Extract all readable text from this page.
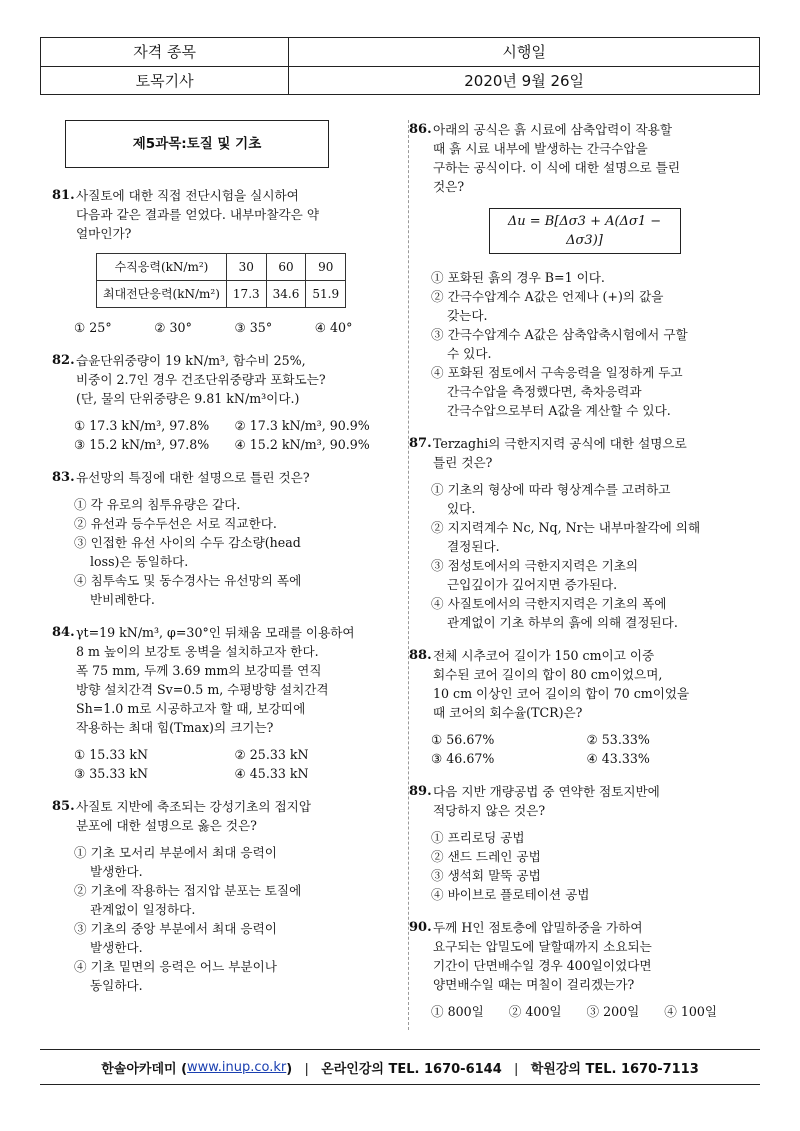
자격 종목	시행일
토목기사	2020년 9월 26일
제5과목:토질 및 기초
81. 사질토에 대한 직접 전단시험을 실시하여
다음과 같은 결과를 얻었다. 내부마찰각은 약
얼마인가?
수직응력(kN/m²)	30	60	90
최대전단응력(kN/m²)	17.3	34.6	51.9
① 25°	② 30°	③ 35°	④ 40°
82. 습윤단위중량이 19 kN/m³, 함수비 25%,
비중이 2.7인 경우 건조단위중량과 포화도는?
(단, 물의 단위중량은 9.81 kN/m³이다.)
① 17.3 kN/m³, 97.8%	② 17.3 kN/m³, 90.9%
③ 15.2 kN/m³, 97.8%	④ 15.2 kN/m³, 90.9%
83. 유선망의 특징에 대한 설명으로 틀린 것은?
① 각 유로의 침투유량은 같다.
② 유선과 등수두선은 서로 직교한다.
③ 인접한 유선 사이의 수두 감소량(head
loss)은 동일하다.
④ 침투속도 및 동수경사는 유선망의 폭에
반비례한다.
84. γt=19 kN/m³, φ=30°인 뒤채움 모래를 이용하여
8 m 높이의 보강토 옹벽을 설치하고자 한다.
폭 75 mm, 두께 3.69 mm의 보강띠를 연직
방향 설치간격 Sv=0.5 m, 수평방향 설치간격
Sh=1.0 m로 시공하고자 할 때, 보강띠에
작용하는 최대 힘(Tmax)의 크기는?
① 15.33 kN	② 25.33 kN
③ 35.33 kN	④ 45.33 kN
85. 사질토 지반에 축조되는 강성기초의 접지압
분포에 대한 설명으로 옳은 것은?
① 기초 모서리 부분에서 최대 응력이
발생한다.
② 기초에 작용하는 접지압 분포는 토질에
관계없이 일정하다.
③ 기초의 중앙 부분에서 최대 응력이
발생한다.
④ 기초 밑면의 응력은 어느 부분이나
동일하다.
86. 아래의 공식은 흙 시료에 삼축압력이 작용할
때 흙 시료 내부에 발생하는 간극수압을
구하는 공식이다. 이 식에 대한 설명으로 틀린
것은?
Δu = B[Δσ3 + A(Δσ1 − Δσ3)]
① 포화된 흙의 경우 B=1 이다.
② 간극수압계수 A값은 언제나 (+)의 값을
갖는다.
③ 간극수압계수 A값은 삼축압축시험에서 구할
수 있다.
④ 포화된 점토에서 구속응력을 일정하게 두고
간극수압을 측정했다면, 축차응력과
간극수압으로부터 A값을 계산할 수 있다.
87. Terzaghi의 극한지지력 공식에 대한 설명으로
틀린 것은?
① 기초의 형상에 따라 형상계수를 고려하고
있다.
② 지지력계수 Nc, Nq, Nr는 내부마찰각에 의해
결정된다.
③ 점성토에서의 극한지지력은 기초의
근입깊이가 깊어지면 증가된다.
④ 사질토에서의 극한지지력은 기초의 폭에
관계없이 기초 하부의 흙에 의해 결정된다.
88. 전체 시추코어 길이가 150 cm이고 이중
회수된 코어 길이의 합이 80 cm이었으며,
10 cm 이상인 코어 길이의 합이 70 cm이었을
때 코어의 회수율(TCR)은?
① 56.67%	② 53.33%
③ 46.67%	④ 43.33%
89. 다음 지반 개량공법 중 연약한 점토지반에
적당하지 않은 것은?
① 프리로딩 공법
② 샌드 드레인 공법
③ 생석회 말뚝 공법
④ 바이브로 플로테이션 공법
90. 두께 H인 점토층에 압밀하중을 가하여
요구되는 압밀도에 달할때까지 소요되는
기간이 단면배수일 경우 400일이었다면
양면배수일 때는 며칠이 걸리겠는가?
① 800일	② 400일	③ 200일	④ 100일
한솔아카데미 ( www.inup.co.kr )  ❘  온라인강의 TEL. 1670-6144  ❘  학원강의 TEL. 1670-7113
